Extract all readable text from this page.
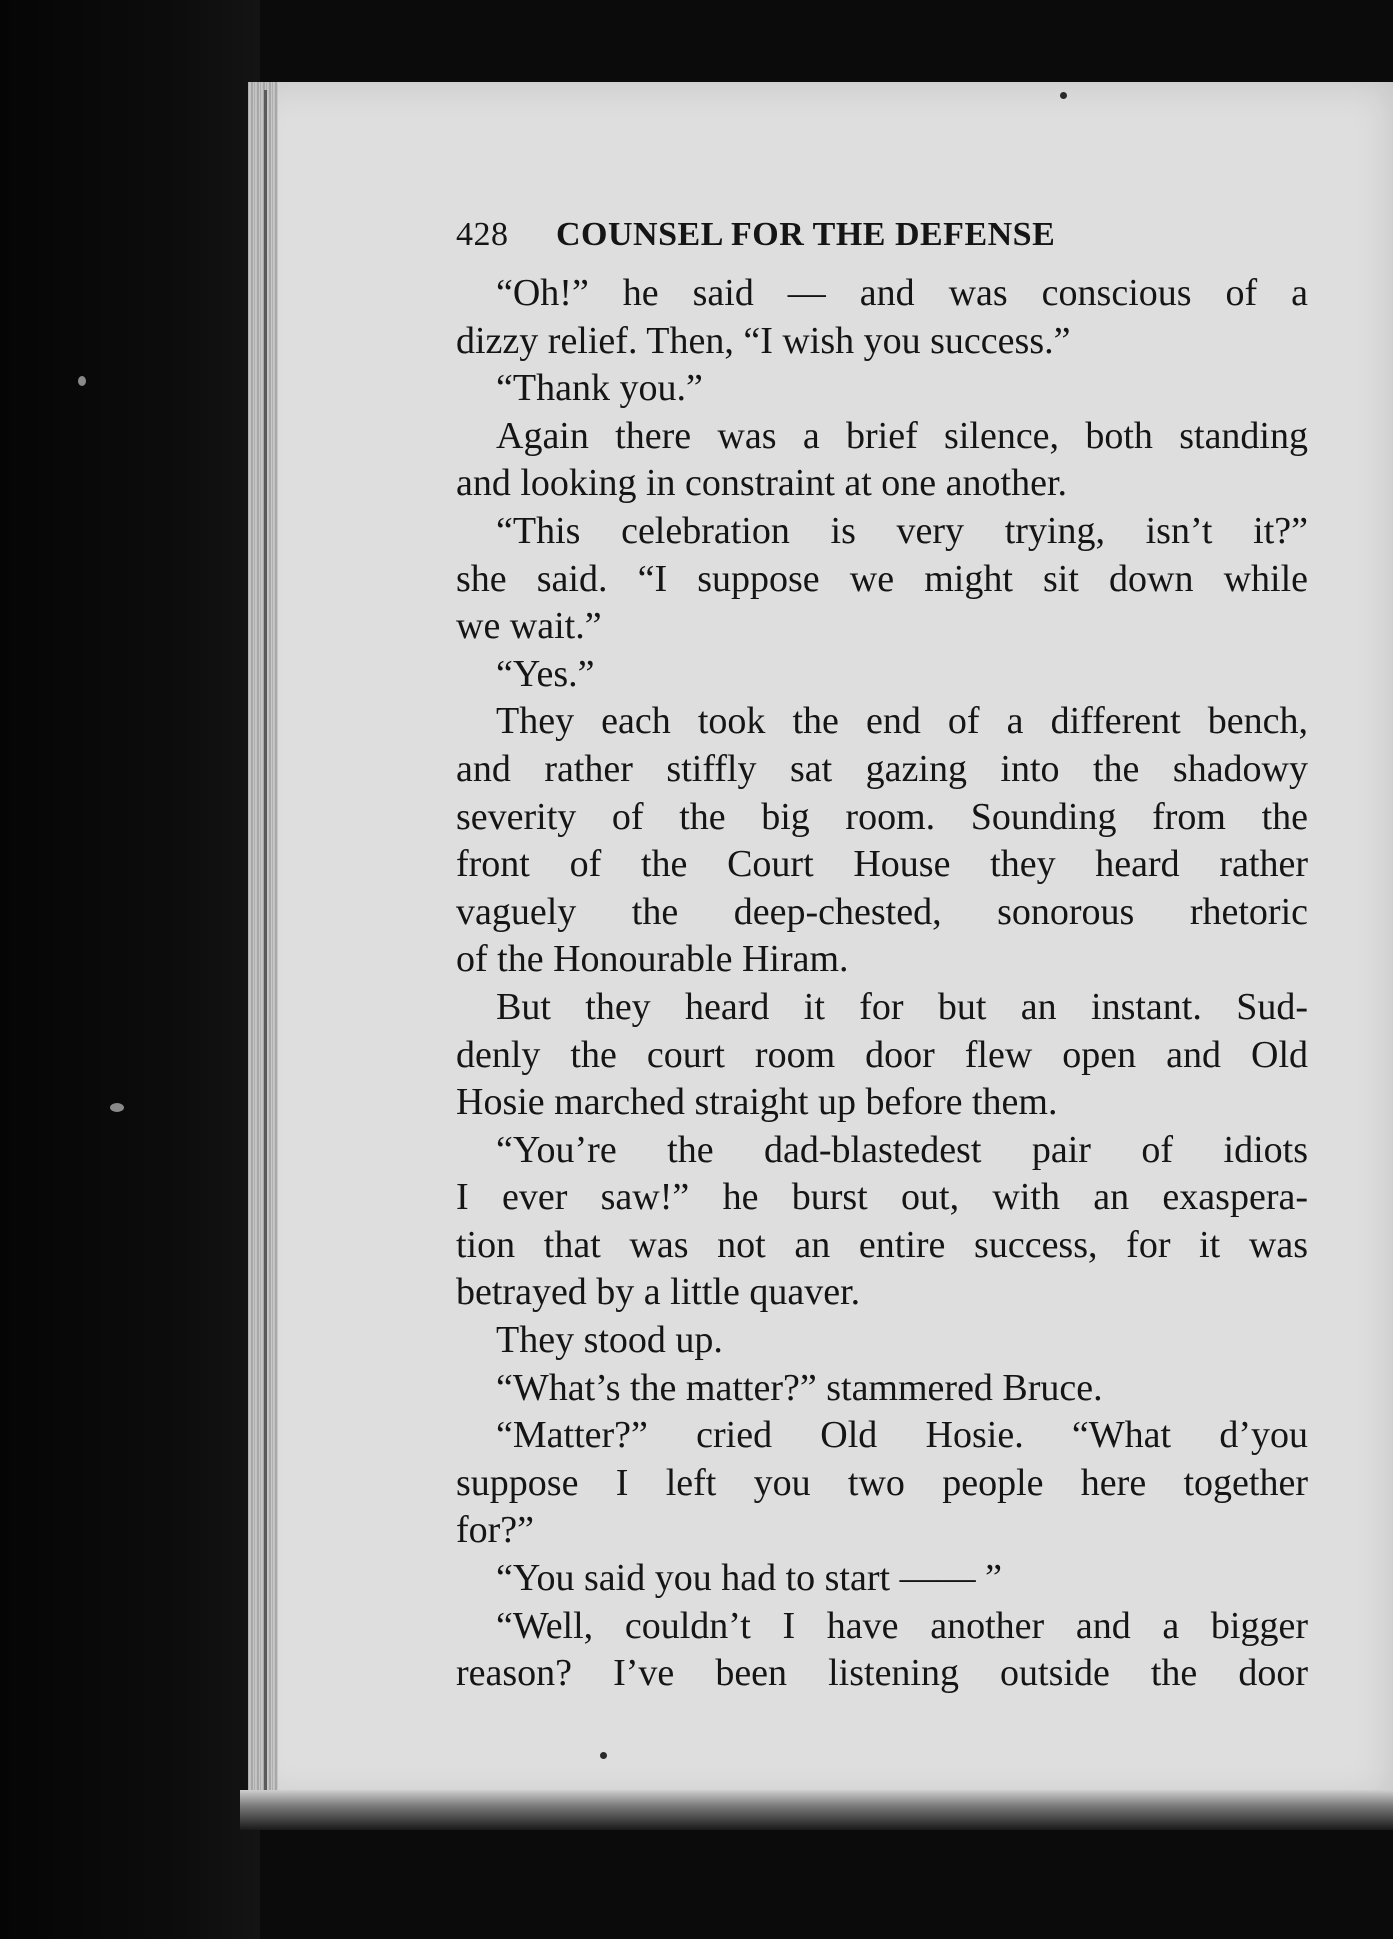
428	COUNSEL FOR THE DEFENSE
“Oh!” he said — and was conscious of a
dizzy relief. Then, “I wish you success.”
“Thank you.”
Again there was a brief silence, both standing
and looking in constraint at one another.
“This celebration is very trying, isn’t it?”
she said. “I suppose we might sit down while
we wait.”
“Yes.”
They each took the end of a different bench,
and rather stiffly sat gazing into the shadowy
severity of the big room. Sounding from the
front of the Court House they heard rather
vaguely the deep-chested, sonorous rhetoric
of the Honourable Hiram.
But they heard it for but an instant. Sud-
denly the court room door flew open and Old
Hosie marched straight up before them.
“You’re the dad-blastedest pair of idiots
I ever saw!” he burst out, with an exaspera-
tion that was not an entire success, for it was
betrayed by a little quaver.
They stood up.
“What’s the matter?” stammered Bruce.
“Matter?” cried Old Hosie. “What d’you
suppose I left you two people here together
for?”
“You said you had to start —— ”
“Well, couldn’t I have another and a bigger
reason? I’ve been listening outside the door
